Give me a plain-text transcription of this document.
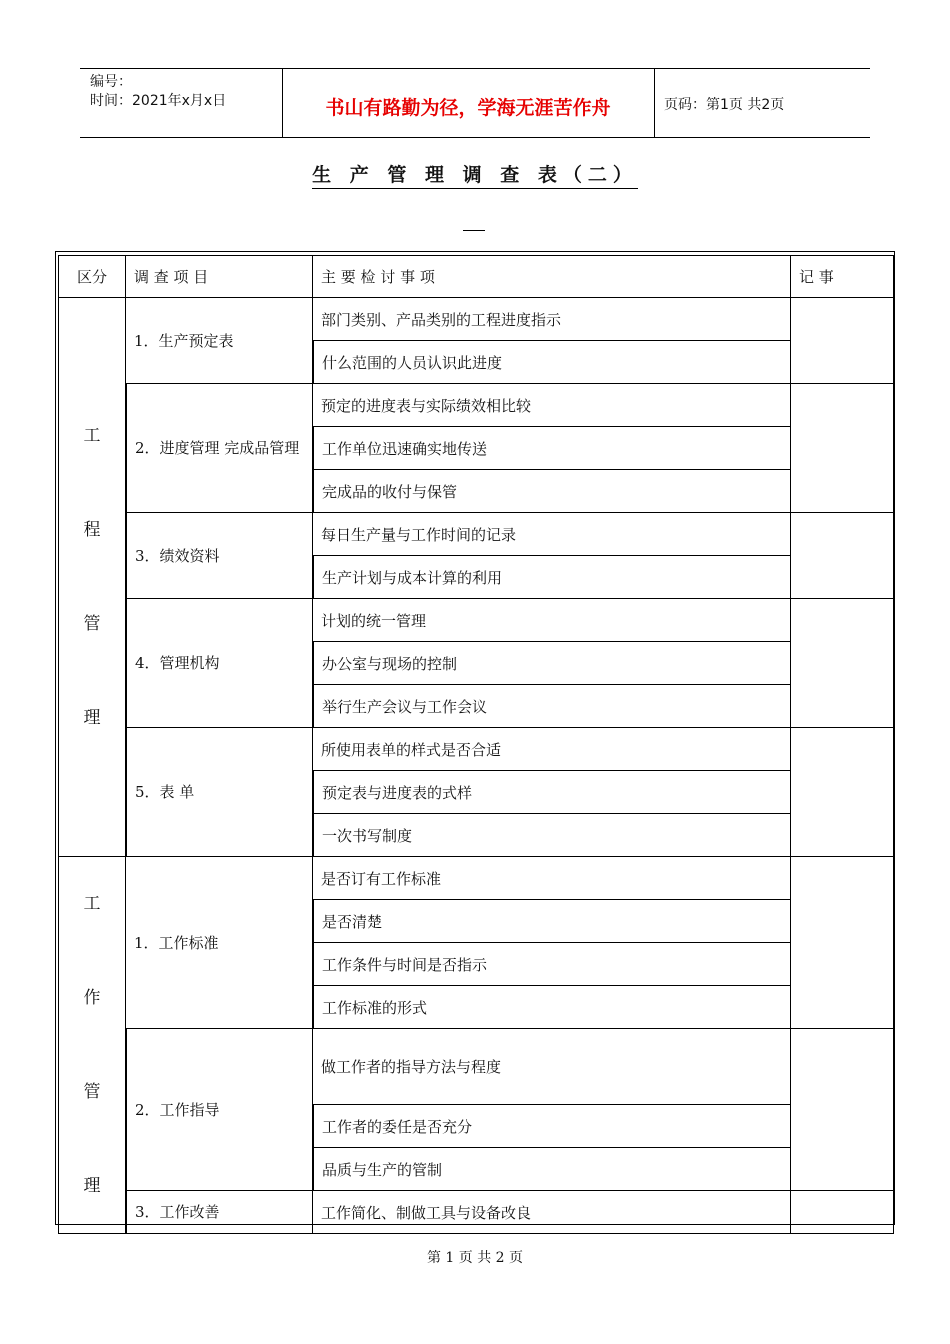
编号：
时间：2021年x月x日	书山有路勤为径，学海无涯苦作舟	页码：第1页 共2页
生 产 管 理 调 查 表（二）
区分	调 查 项 目	主 要 检 讨 事 项	记 事
工
程
管
理	1．生产预定表	部门类别、产品类别的工程进度指示	
		什么范围的人员认识此进度	
	2．进度管理 完成品管理	预定的进度表与实际绩效相比较	
		工作单位迅速确实地传送	
		完成品的收付与保管	
	3．绩效资料	每日生产量与工作时间的记录	
		生产计划与成本计算的利用	
	4．管理机构	计划的统一管理	
		办公室与现场的控制	
		举行生产会议与工作会议	
	5．表 单	所使用表单的样式是否合适	
		预定表与进度表的式样	
		一次书写制度	
工
作
管
理	1．工作标准	是否订有工作标准	
		是否清楚	
		工作条件与时间是否指示	
		工作标准的形式	
	2．工作指导	做工作者的指导方法与程度	
		工作者的委任是否充分	
		品质与生产的管制	
	3．工作改善	工作简化、制做工具与设备改良	
第 1 页 共 2 页
